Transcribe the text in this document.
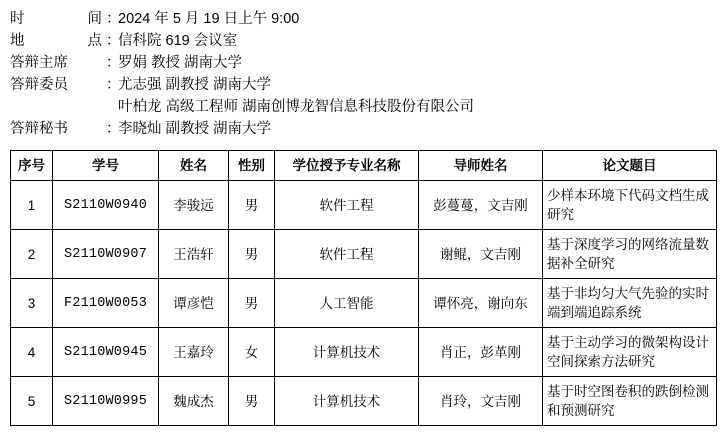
时间 ：
2024 年 5 月 19 日上午 9:00
地点 ：
信科院 619 会议室
答辩主席	：
罗娟 教授 湖南大学
答辩委员	：
尤志强 副教授 湖南大学
叶柏龙 高级工程师 湖南创博龙智信息科技股份有限公司
答辩秘书	：
李晓灿 副教授 湖南大学
序号	学号	姓名	性别	学位授予专业名称	导师姓名	论文题目
1	S2110W0940	李骏远	男	软件工程	彭蔓蔓，文吉刚	少样本环境下代码文档生成研究
2	S2110W0907	王浩轩	男	软件工程	谢鲲，文吉刚	基于深度学习的网络流量数据补全研究
3	F2110W0053	谭彦恺	男	人工智能	谭怀亮，谢向东	基于非均匀大气先验的实时端到端追踪系统
4	S2110W0945	王嘉玲	女	计算机技术	肖正，彭革刚	基于主动学习的微架构设计空间探索方法研究
5	S2110W0995	魏成杰	男	计算机技术	肖玲，文吉刚	基于时空图卷积的跌倒检测和预测研究
